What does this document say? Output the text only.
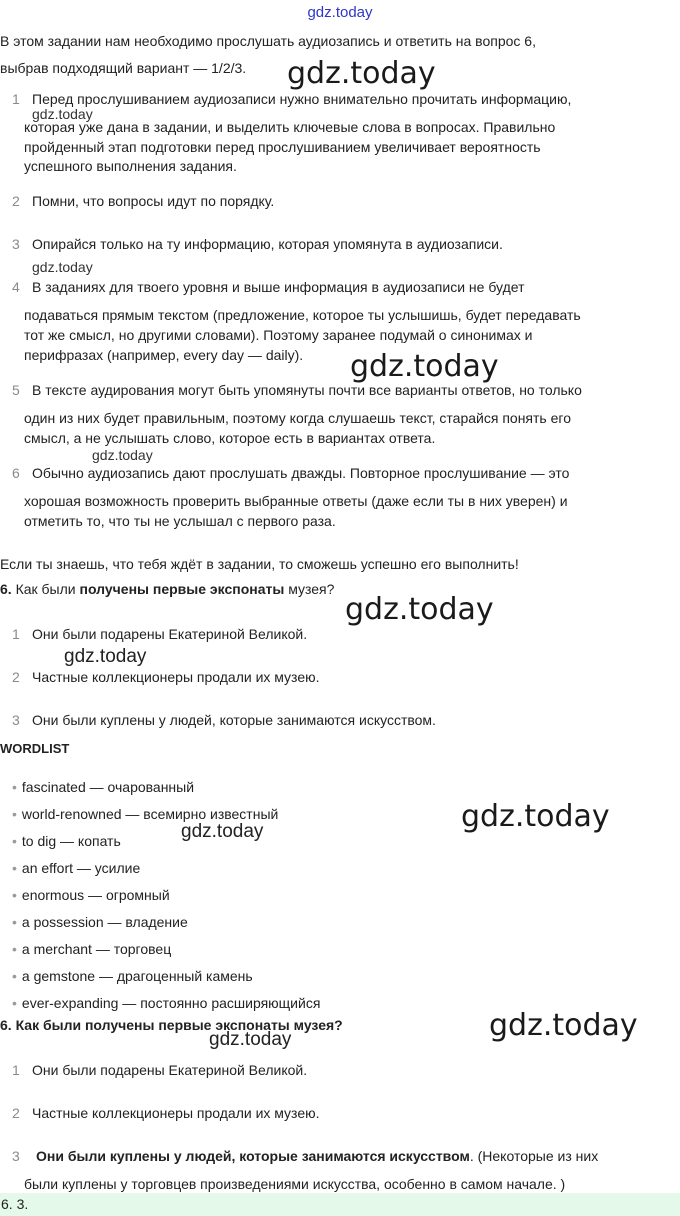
gdz.today
gdz.today
gdz.today
gdz.today
gdz.today
gdz.today
gdz.today
gdz.today
gdz.today
gdz.today
gdz.today
gdz.today
В этом задании нам необходимо прослушать аудиозапись и ответить на вопрос 6,
выбрав подходящий вариант — 1/2/3.
1 Перед прослушиванием аудиозаписи нужно внимательно прочитать информацию,
которая уже дана в задании, и выделить ключевые слова в вопросах. Правильно
пройденный этап подготовки перед прослушиванием увеличивает вероятность
успешного выполнения задания.
2 Помни, что вопросы идут по порядку.
3 Опирайся только на ту информацию, которая упомянута в аудиозаписи.
4 В заданиях для твоего уровня и выше информация в аудиозаписи не будет
подаваться прямым текстом (предложение, которое ты услышишь, будет передавать
тот же смысл, но другими словами). Поэтому заранее подумай о синонимах и
перифразах (например, every day — daily).
5 В тексте аудирования могут быть упомянуты почти все варианты ответов, но только
один из них будет правильным, поэтому когда слушаешь текст, старайся понять его
смысл, а не услышать слово, которое есть в вариантах ответа.
6 Обычно аудиозапись дают прослушать дважды. Повторное прослушивание — это
хорошая возможность проверить выбранные ответы (даже если ты в них уверен) и
отметить то, что ты не услышал с первого раза.
Если ты знаешь, что тебя ждёт в задании, то сможешь успешно его выполнить!
6. Как были получены первые экспонаты музея?
1 Они были подарены Екатериной Великой.
2 Частные коллекционеры продали их музею.
3 Они были куплены у людей, которые занимаются искусством.
WORDLIST
• fascinated — очарованный
• world-renowned — всемирно известный
• to dig — копать
• an effort — усилие
• enormous — огромный
• a possession — владение
• a merchant — торговец
• a gemstone — драгоценный камень
• ever-expanding — постоянно расширяющийся
6. Как были получены первые экспонаты музея?
1 Они были подарены Екатериной Великой.
2 Частные коллекционеры продали их музею.
3	Они были куплены у людей, которые занимаются искусством. (Некоторые из них
были куплены у торговцев произведениями искусства, особенно в самом начале. )
6. 3.
